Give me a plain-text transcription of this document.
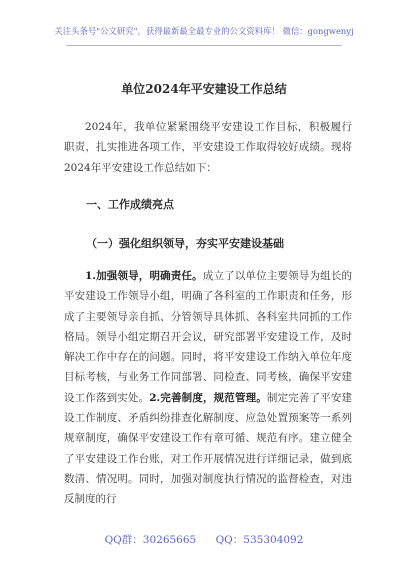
关注头条号"公文研究"，获得最新最全最专业的公文资料库！ 微信：gongwenyj
单位2024年平安建设工作总结
2024年，我单位紧紧围绕平安建设工作目标，积极履行职责，扎实推进各项工作，平安建设工作取得较好成绩。现将2024年平安建设工作总结如下：
一、工作成绩亮点
（一）强化组织领导，夯实平安建设基础
1.加强领导，明确责任。成立了以单位主要领导为组长的平安建设工作领导小组，明确了各科室的工作职责和任务，形成了主要领导亲自抓、分管领导具体抓、各科室共同抓的工作格局。领导小组定期召开会议，研究部署平安建设工作，及时解决工作中存在的问题。同时，将平安建设工作纳入单位年度目标考核，与业务工作同部署、同检查、同考核，确保平安建设工作落到实处。2.完善制度，规范管理。制定完善了平安建设工作制度、矛盾纠纷排查化解制度、应急处置预案等一系列规章制度，确保平安建设工作有章可循、规范有序。建立健全了平安建设工作台账，对工作开展情况进行详细记录，做到底数清、情况明。同时，加强对制度执行情况的监督检查，对违反制度的行
QQ群：30265665 QQ：535304092
